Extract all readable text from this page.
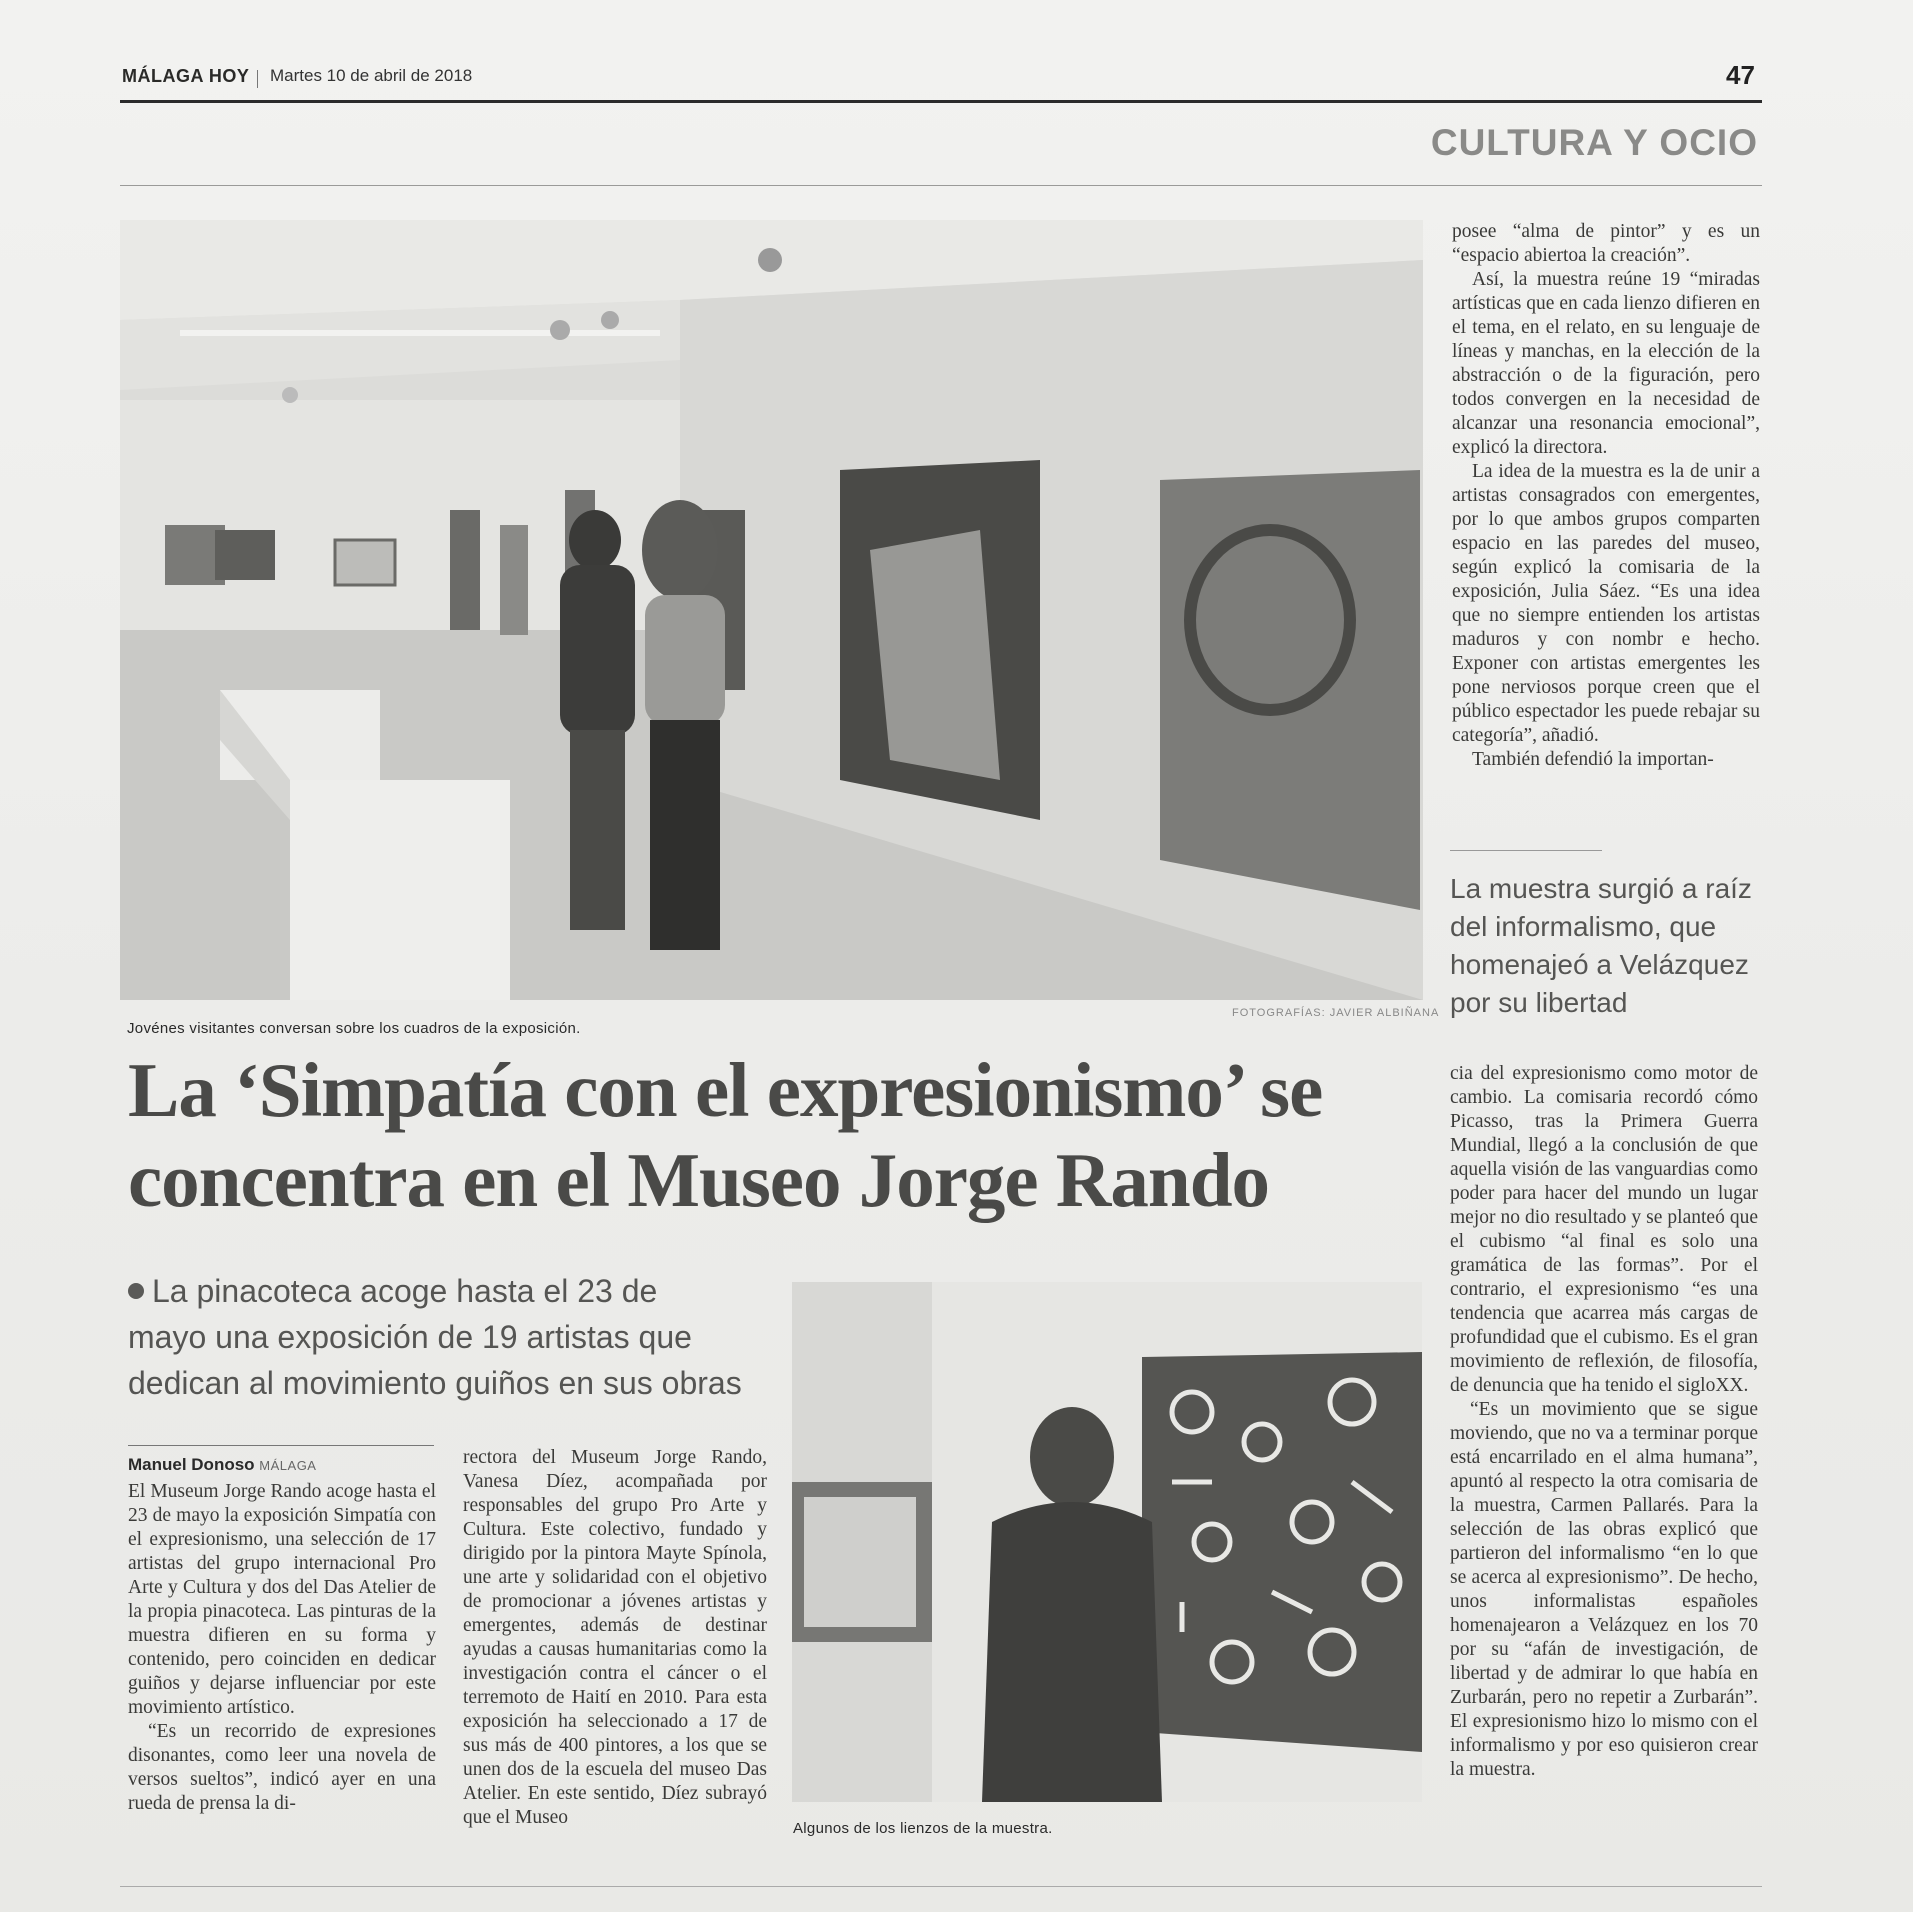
MÁLAGA HOY Martes 10 de abril de 2018	47
CULTURA Y OCIO
Jovénes visitantes conversan sobre los cuadros de la exposición.
FOTOGRAFÍAS: JAVIER ALBIÑANA
La ‘Simpatía con el expresionismo’ se
concentra en el Museo Jorge Rando
La pinacoteca acoge hasta el 23 de
mayo una exposición de 19 artistas que
dedican al movimiento guiños en sus obras
Manuel Donoso MÁLAGA

El Museum Jorge Rando acoge hasta el 23 de mayo la exposición Simpatía con el expresionismo, una selección de 17 artistas del grupo internacional Pro Arte y Cultura y dos del Das Atelier de la propia pinacoteca. Las pinturas de la muestra difieren en su forma y contenido, pero coinciden en dedicar guiños y dejarse influenciar por este movimiento artístico.

“Es un recorrido de expresiones disonantes, como leer una novela de versos sueltos”, indicó ayer en una rueda de prensa la di-

rectora del Museum Jorge Rando, Vanesa Díez, acompañada por responsables del grupo Pro Arte y Cultura. Este colectivo, fundado y dirigido por la pintora Mayte Spínola, une arte y solidaridad con el objetivo de promocionar a jóvenes artistas y emergentes, además de destinar ayudas a causas humanitarias como la investigación contra el cáncer o el terremoto de Haití en 2010. Para esta exposición ha seleccionado a 17 de sus más de 400 pintores, a los que se unen dos de la escuela del museo Das Atelier. En este sentido, Díez subrayó que el Museo

Algunos de los lienzos de la muestra.

posee “alma de pintor” y es un “espacio abiertoa la creación”.

Así, la muestra reúne 19 “miradas artísticas que en cada lienzo difieren en el tema, en el relato, en su lenguaje de líneas y manchas, en la elección de la abstracción o de la figuración, pero todos convergen en la necesidad de alcanzar una resonancia emocional”, explicó la directora.

La idea de la muestra es la de unir a artistas consagrados con emergentes, por lo que ambos grupos comparten espacio en las paredes del museo, según explicó la comisaria de la exposición, Julia Sáez. “Es una idea que no siempre entienden los artistas maduros y con nombr e hecho. Exponer con artistas emergentes les pone nerviosos porque creen que el público espectador les puede rebajar su categoría”, añadió.

También defendió la importan-

La muestra surgió a raíz del informalismo, que homenajeó a Velázquez por su libertad

cia del expresionismo como motor de cambio. La comisaria recordó cómo Picasso, tras la Primera Guerra Mundial, llegó a la conclusión de que aquella visión de las vanguardias como poder para hacer del mundo un lugar mejor no dio resultado y se planteó que el cubismo “al final es solo una gramática de las formas”. Por el contrario, el expresionismo “es una tendencia que acarrea más cargas de profundidad que el cubismo. Es el gran movimiento de reflexión, de filosofía, de denuncia que ha tenido el sigloXX.

“Es un movimiento que se sigue moviendo, que no va a terminar porque está encarrilado en el alma humana”, apuntó al respecto la otra comisaria de la muestra, Carmen Pallarés. Para la selección de las obras explicó que partieron del informalismo “en lo que se acerca al expresionismo”. De hecho, unos informalistas españoles homenajearon a Velázquez en los 70 por su “afán de investigación, de libertad y de admirar lo que había en Zurbarán, pero no repetir a Zurbarán”. El expresionismo hizo lo mismo con el informalismo y por eso quisieron crear la muestra.
